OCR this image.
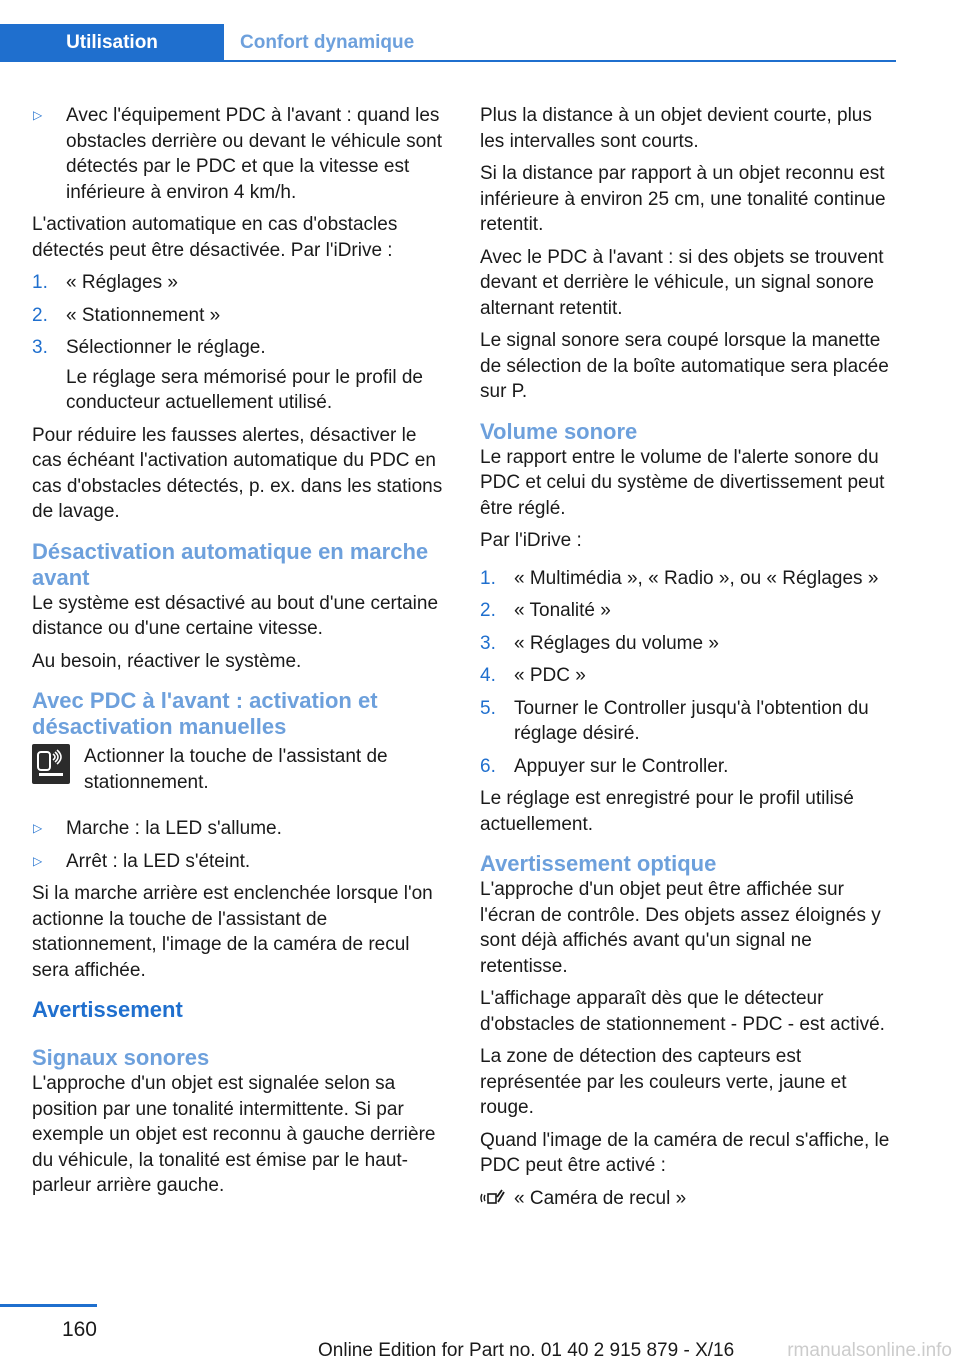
Utilisation	Confort dynamique
▷ Avec l'équipement PDC à l'avant : quand les obstacles derrière ou devant le véhicule sont détectés par le PDC et que la vitesse est inférieure à environ 4 km/h.

L'activation automatique en cas d'obstacles détectés peut être désactivée. Par l'iDrive :

1. « Réglages »
2. « Stationnement »
3. Sélectionner le réglage.
Le réglage sera mémorisé pour le profil de conducteur actuellement utilisé.

Pour réduire les fausses alertes, désactiver le cas échéant l'activation automatique du PDC en cas d'obstacles détectés, p. ex. dans les stations de lavage.

Désactivation automatique en marche avant

Le système est désactivé au bout d'une certaine distance ou d'une certaine vitesse.

Au besoin, réactiver le système.

Avec PDC à l'avant : activation et désactivation manuelles
Actionner la touche de l'assistant de stationnement.
▷ Marche : la LED s'allume.
▷ Arrêt : la LED s'éteint.

Si la marche arrière est enclenchée lorsque l'on actionne la touche de l'assistant de stationnement, l'image de la caméra de recul sera affichée.

Avertissement
Signaux sonores

L'approche d'un objet est signalée selon sa position par une tonalité intermittente. Si par exemple un objet est reconnu à gauche derrière du véhicule, la tonalité est émise par le haut-parleur arrière gauche.

Plus la distance à un objet devient courte, plus les intervalles sont courts.

Si la distance par rapport à un objet reconnu est inférieure à environ 25 cm, une tonalité continue retentit.

Avec le PDC à l'avant : si des objets se trouvent devant et derrière le véhicule, un signal sonore alternant retentit.

Le signal sonore sera coupé lorsque la manette de sélection de la boîte automatique sera placée sur P.

Volume sonore

Le rapport entre le volume de l'alerte sonore du PDC et celui du système de divertissement peut être réglé.

Par l'iDrive :

1. « Multimédia », « Radio », ou « Réglages »
2. « Tonalité »
3. « Réglages du volume »
4. « PDC »
5. Tourner le Controller jusqu'à l'obtention du réglage désiré.
6. Appuyer sur le Controller.

Le réglage est enregistré pour le profil utilisé actuellement.

Avertissement optique

L'approche d'un objet peut être affichée sur l'écran de contrôle. Des objets assez éloignés y sont déjà affichés avant qu'un signal ne retentisse.

L'affichage apparaît dès que le détecteur d'obstacles de stationnement - PDC - est activé.

La zone de détection des capteurs est représentée par les couleurs verte, jaune et rouge.

Quand l'image de la caméra de recul s'affiche, le PDC peut être activé :

« Caméra de recul »
160
Online Edition for Part no. 01 40 2 915 879 - X/16	rmanualsonline.info
